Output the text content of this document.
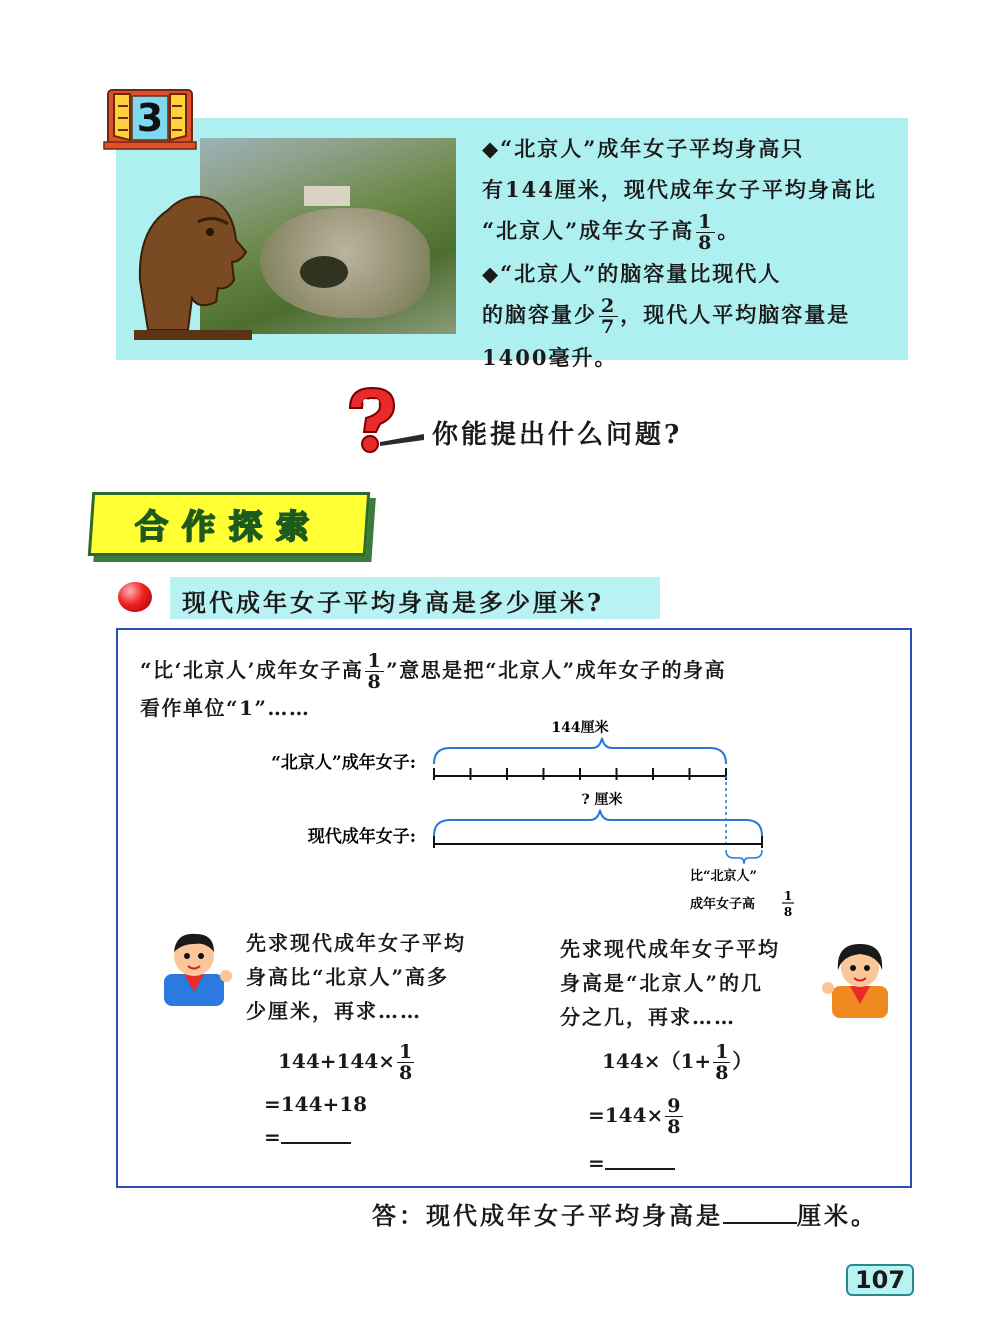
3
◆“北京人”成年女子平均身高只
有144厘米，现代成年女子平均身高比
“北京人”成年女子高 $\frac{1}{8}$ 。
◆“北京人”的脑容量比现代人
的脑容量少 $\frac{2}{7}$ ，现代人平均脑容量是
1400毫升。
你能提出什么问题?
合作探索
现代成年女子平均身高是多少厘米?
“比‘北京人’成年女子高 $\frac{1}{8}$ ”意思是把“北京人”成年女子的身高
看作单位“1”……
144厘米
“北京人”成年女子:
? 厘米
现代成年女子:
比“北京人”
成年女子高
1
8
先求现代成年女子平均
身高比“北京人”高多
少厘米，再求……
$144+144\times \frac{1}{8}$
=144+18
=
先求现代成年女子平均
身高是“北京人”的几
分之几，再求……
$144\times(1+ \frac{1}{8}$ ）
$=144\times \frac{9}{8}$
=
答：现代成年女子平均身高是	厘米。
107
